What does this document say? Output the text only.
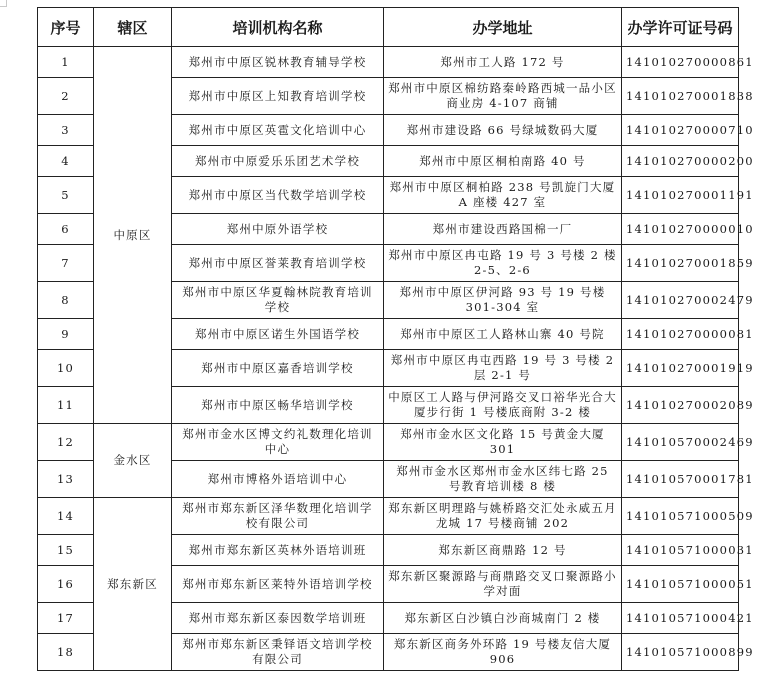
序号	辖区	培训机构名称	办学地址	办学许可证号码
1	中原区	郑州市中原区锐林教育辅导学校	郑州市工人路 172 号	141010270000861
2		郑州市中原区上知教育培训学校	郑州市中原区棉纺路秦岭路西城一品小区商业房 4-107 商铺	141010270001838
3		郑州市中原区英雹文化培训中心	郑州市建设路 66 号绿城数码大厦	141010270000710
4		郑州市中原爱乐乐团艺术学校	郑州市中原区桐柏南路 40 号	141010270000200
5		郑州市中原区当代数学培训学校	郑州市中原区桐柏路 238 号凯旋门大厦 A 座楼 427 室	141010270001191
6		郑州中原外语学校	郑州市建设西路国棉一厂	141010270000010
7		郑州市中原区誉莱教育培训学校	郑州市中原区冉屯路 19 号 3 号楼 2 楼 2-5、2-6	141010270001859
8		郑州市中原区华夏翰林院教育培训学校	郑州市中原区伊河路 93 号 19 号楼 301-304 室	141010270002479
9		郑州市中原区诺生外国语学校	郑州市中原区工人路林山寨 40 号院	141010270000081
10		郑州市中原区嘉香培训学校	郑州市中原区冉屯西路 19 号 3 号楼 2 层 2-1 号	141010270001919
11		郑州市中原区畅华培训学校	中原区工人路与伊河路交叉口裕华光合大厦步行街 1 号楼底商附 3-2 楼	141010270002089
12	金水区	郑州市金水区博文约礼数理化培训中心	郑州市金水区文化路 15 号黄金大厦 301	141010570002469
13		郑州市博格外语培训中心	郑州市金水区郑州市金水区纬七路 25 号教育培训楼 8 楼	141010570001781
14	郑东新区	郑州市郑东新区泽华数理化培训学校有限公司	郑东新区明理路与姚桥路交汇处永威五月龙城 17 号楼商铺 202	141010571000509
15		郑州市郑东新区英林外语培训班	郑东新区商鼎路 12 号	141010571000031
16		郑州市郑东新区莱特外语培训学校	郑东新区聚源路与商鼎路交叉口聚源路小学对面	141010571000051
17		郑州市郑东新区泰因数学培训班	郑东新区白沙镇白沙商城南门 2 楼	141010571000421
18		郑州市郑东新区秉铎语文培训学校有限公司	郑东新区商务外环路 19 号楼友信大厦 906	141010571000899
